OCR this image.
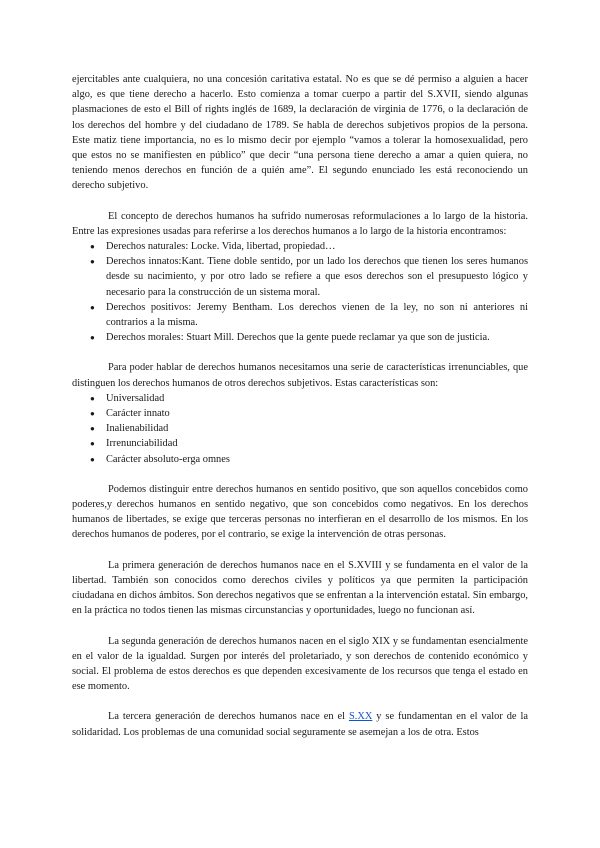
ejercitables ante cualquiera, no una concesión caritativa estatal. No es que se dé permiso a alguien a hacer algo, es que tiene derecho a hacerlo. Esto comienza a tomar cuerpo a partir del S.XVII, siendo algunas plasmaciones de esto el Bill of rights inglés de 1689, la declaración de virginia de 1776, o la declaración de los derechos del hombre y del ciudadano de 1789. Se habla de derechos subjetivos propios de la persona. Este matiz tiene importancia, no es lo mismo decir por ejemplo “vamos a tolerar la homosexualidad, pero que estos no se manifiesten en público” que decir “una persona tiene derecho a amar a quien quiera, no teniendo menos derechos en función de a quién ame”. El segundo enunciado les está reconociendo un derecho subjetivo.

El concepto de derechos humanos ha sufrido numerosas reformulaciones a lo largo de la historia. Entre las expresiones usadas para referirse a los derechos humanos a lo largo de la historia encontramos:

● Derechos naturales: Locke. Vida, libertad, propiedad…
● Derechos innatos:Kant. Tiene doble sentido, por un lado los derechos que tienen los seres humanos desde su nacimiento, y por otro lado se refiere a que esos derechos son el presupuesto lógico y necesario para la construcción de un sistema moral.
● Derechos positivos: Jeremy Bentham. Los derechos vienen de la ley, no son ni anteriores ni contrarios a la misma.
● Derechos morales: Stuart Mill. Derechos que la gente puede reclamar ya que son de justicia.

Para poder hablar de derechos humanos necesitamos una serie de características irrenunciables, que distinguen los derechos humanos de otros derechos subjetivos. Estas características son:

● Universalidad
● Carácter innato
● Inalienabilidad
● Irrenunciabilidad
● Carácter absoluto-erga omnes

Podemos distinguir entre derechos humanos en sentido positivo, que son aquellos concebidos como poderes,y derechos humanos en sentido negativo, que son concebidos como negativos. En los derechos humanos de libertades, se exige que terceras personas no interfieran en el desarrollo de los mismos. En los derechos humanos de poderes, por el contrario, se exige la intervención de otras personas.

La primera generación de derechos humanos nace en el S.XVIII y se fundamenta en el valor de la libertad. También son conocidos como derechos civiles y políticos ya que permiten la participación ciudadana en dichos ámbitos. Son derechos negativos que se enfrentan a la intervención estatal. Sin embargo, en la práctica no todos tienen las mismas circunstancias y oportunidades, luego no funcionan así.

La segunda generación de derechos humanos nacen en el siglo XIX y se fundamentan esencialmente en el valor de la igualdad. Surgen por interés del proletariado, y son derechos de contenido económico y social. El problema de estos derechos es que dependen excesivamente de los recursos que tenga el estado en ese momento.

La tercera generación de derechos humanos nace en el S.XX y se fundamentan en el valor de la solidaridad. Los problemas de una comunidad social seguramente se asemejan a los de otra. Estos
